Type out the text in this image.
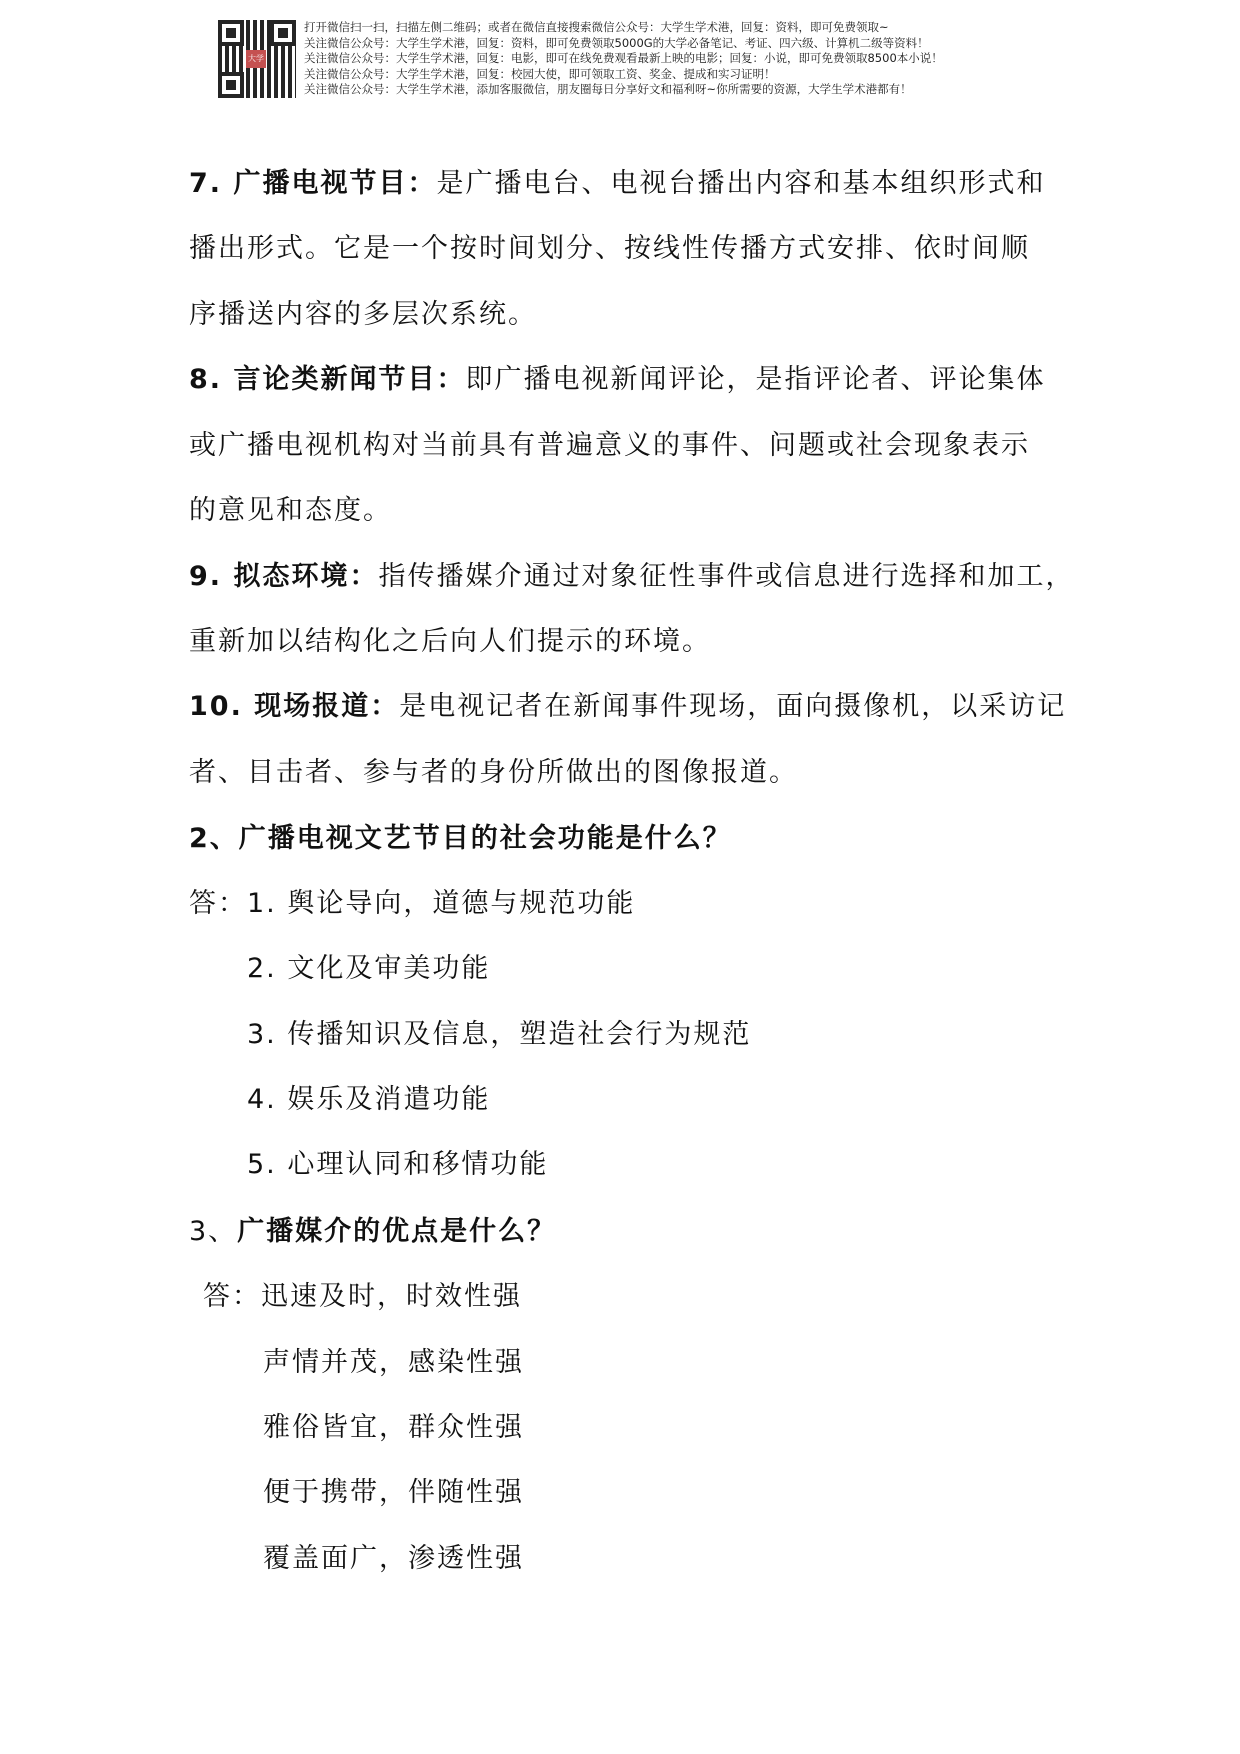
大学
打开微信扫一扫，扫描左侧二维码；或者在微信直接搜索微信公众号：大学生学术港，回复：资料，即可免费领取~
关注微信公众号：大学生学术港，回复：资料，即可免费领取5000G的大学必备笔记、考证、四六级、计算机二级等资料！
关注微信公众号：大学生学术港，回复：电影，即可在线免费观看最新上映的电影；回复：小说，即可免费领取8500本小说！
关注微信公众号：大学生学术港，回复：校园大使，即可领取工资、奖金、提成和实习证明！
关注微信公众号：大学生学术港，添加客服微信，朋友圈每日分享好文和福利呀~你所需要的资源，大学生学术港都有！
7. 广播电视节目：是广播电台、电视台播出内容和基本组织形式和
播出形式。它是一个按时间划分、按线性传播方式安排、依时间顺
序播送内容的多层次系统。
8. 言论类新闻节目：即广播电视新闻评论，是指评论者、评论集体
或广播电视机构对当前具有普遍意义的事件、问题或社会现象表示
的意见和态度。
9. 拟态环境：指传播媒介通过对象征性事件或信息进行选择和加工，
重新加以结构化之后向人们提示的环境。
10. 现场报道：是电视记者在新闻事件现场，面向摄像机，以采访记
者、目击者、参与者的身份所做出的图像报道。
2、广播电视文艺节目的社会功能是什么？
答：1. 舆论导向，道德与规范功能
2. 文化及审美功能
3. 传播知识及信息，塑造社会行为规范
4. 娱乐及消遣功能
5. 心理认同和移情功能
3、广播媒介的优点是什么？
答：迅速及时，时效性强
声情并茂，感染性强
雅俗皆宜，群众性强
便于携带，伴随性强
覆盖面广，渗透性强
